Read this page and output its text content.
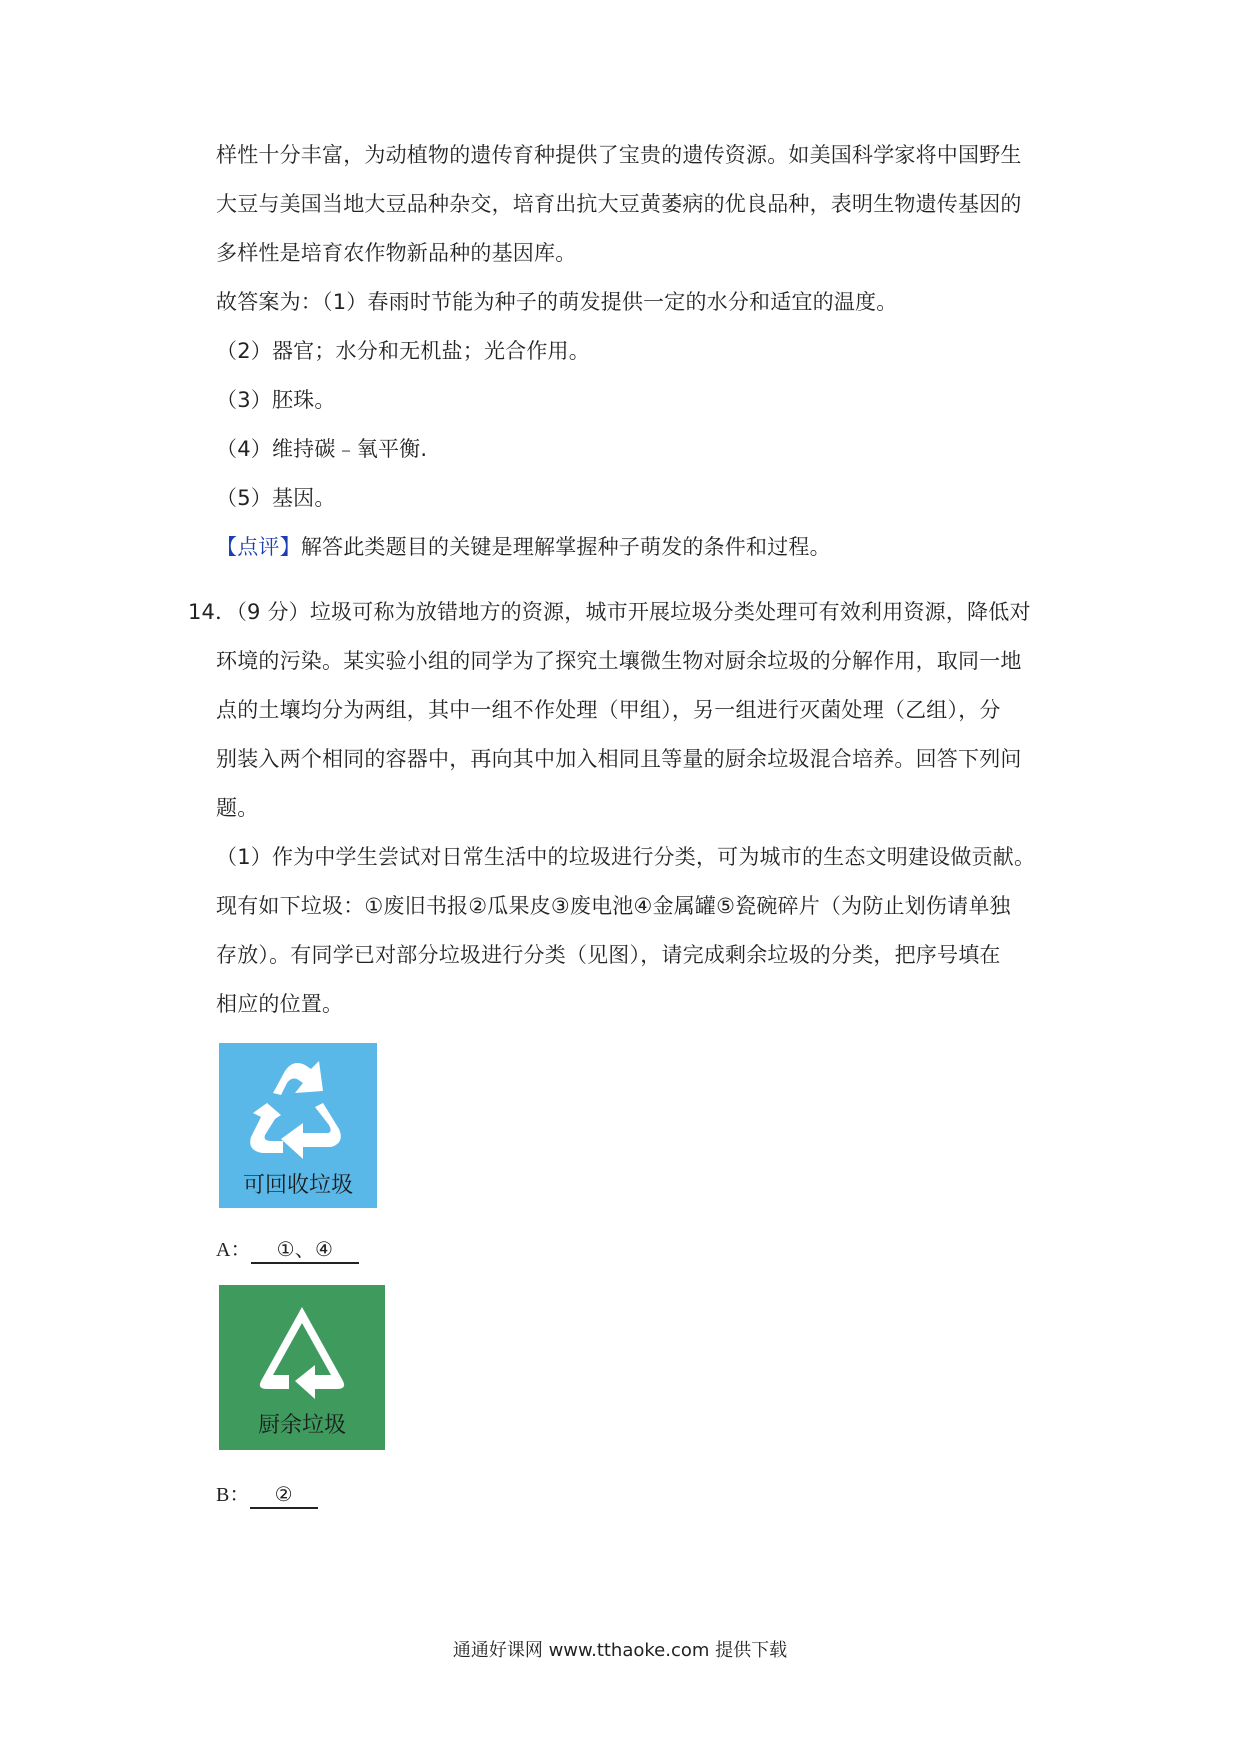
样性十分丰富，为动植物的遗传育种提供了宝贵的遗传资源。如美国科学家将中国野生
大豆与美国当地大豆品种杂交，培育出抗大豆黄萎病的优良品种，表明生物遗传基因的
多样性是培育农作物新品种的基因库。
故答案为：（1）春雨时节能为种子的萌发提供一定的水分和适宜的温度。
（2）器官；水分和无机盐；光合作用。
（3）胚珠。
（4）维持碳﹣氧平衡.
（5）基因。
【点评】解答此类题目的关键是理解掌握种子萌发的条件和过程。
14．（9 分）垃圾可称为放错地方的资源，城市开展垃圾分类处理可有效利用资源，降低对
环境的污染。某实验小组的同学为了探究土壤微生物对厨余垃圾的分解作用，取同一地
点的土壤均分为两组，其中一组不作处理（甲组），另一组进行灭菌处理（乙组），分
别装入两个相同的容器中，再向其中加入相同且等量的厨余垃圾混合培养。回答下列问
题。
（1）作为中学生尝试对日常生活中的垃圾进行分类，可为城市的生态文明建设做贡献。
现有如下垃圾：①废旧书报②瓜果皮③废电池④金属罐⑤瓷碗碎片（为防止划伤请单独
存放）。有同学已对部分垃圾进行分类（见图），请完成剩余垃圾的分类，把序号填在
相应的位置。
可回收垃圾
A： ①、④
厨余垃圾
B： ②
通通好课网 www.tthaoke.com 提供下载
